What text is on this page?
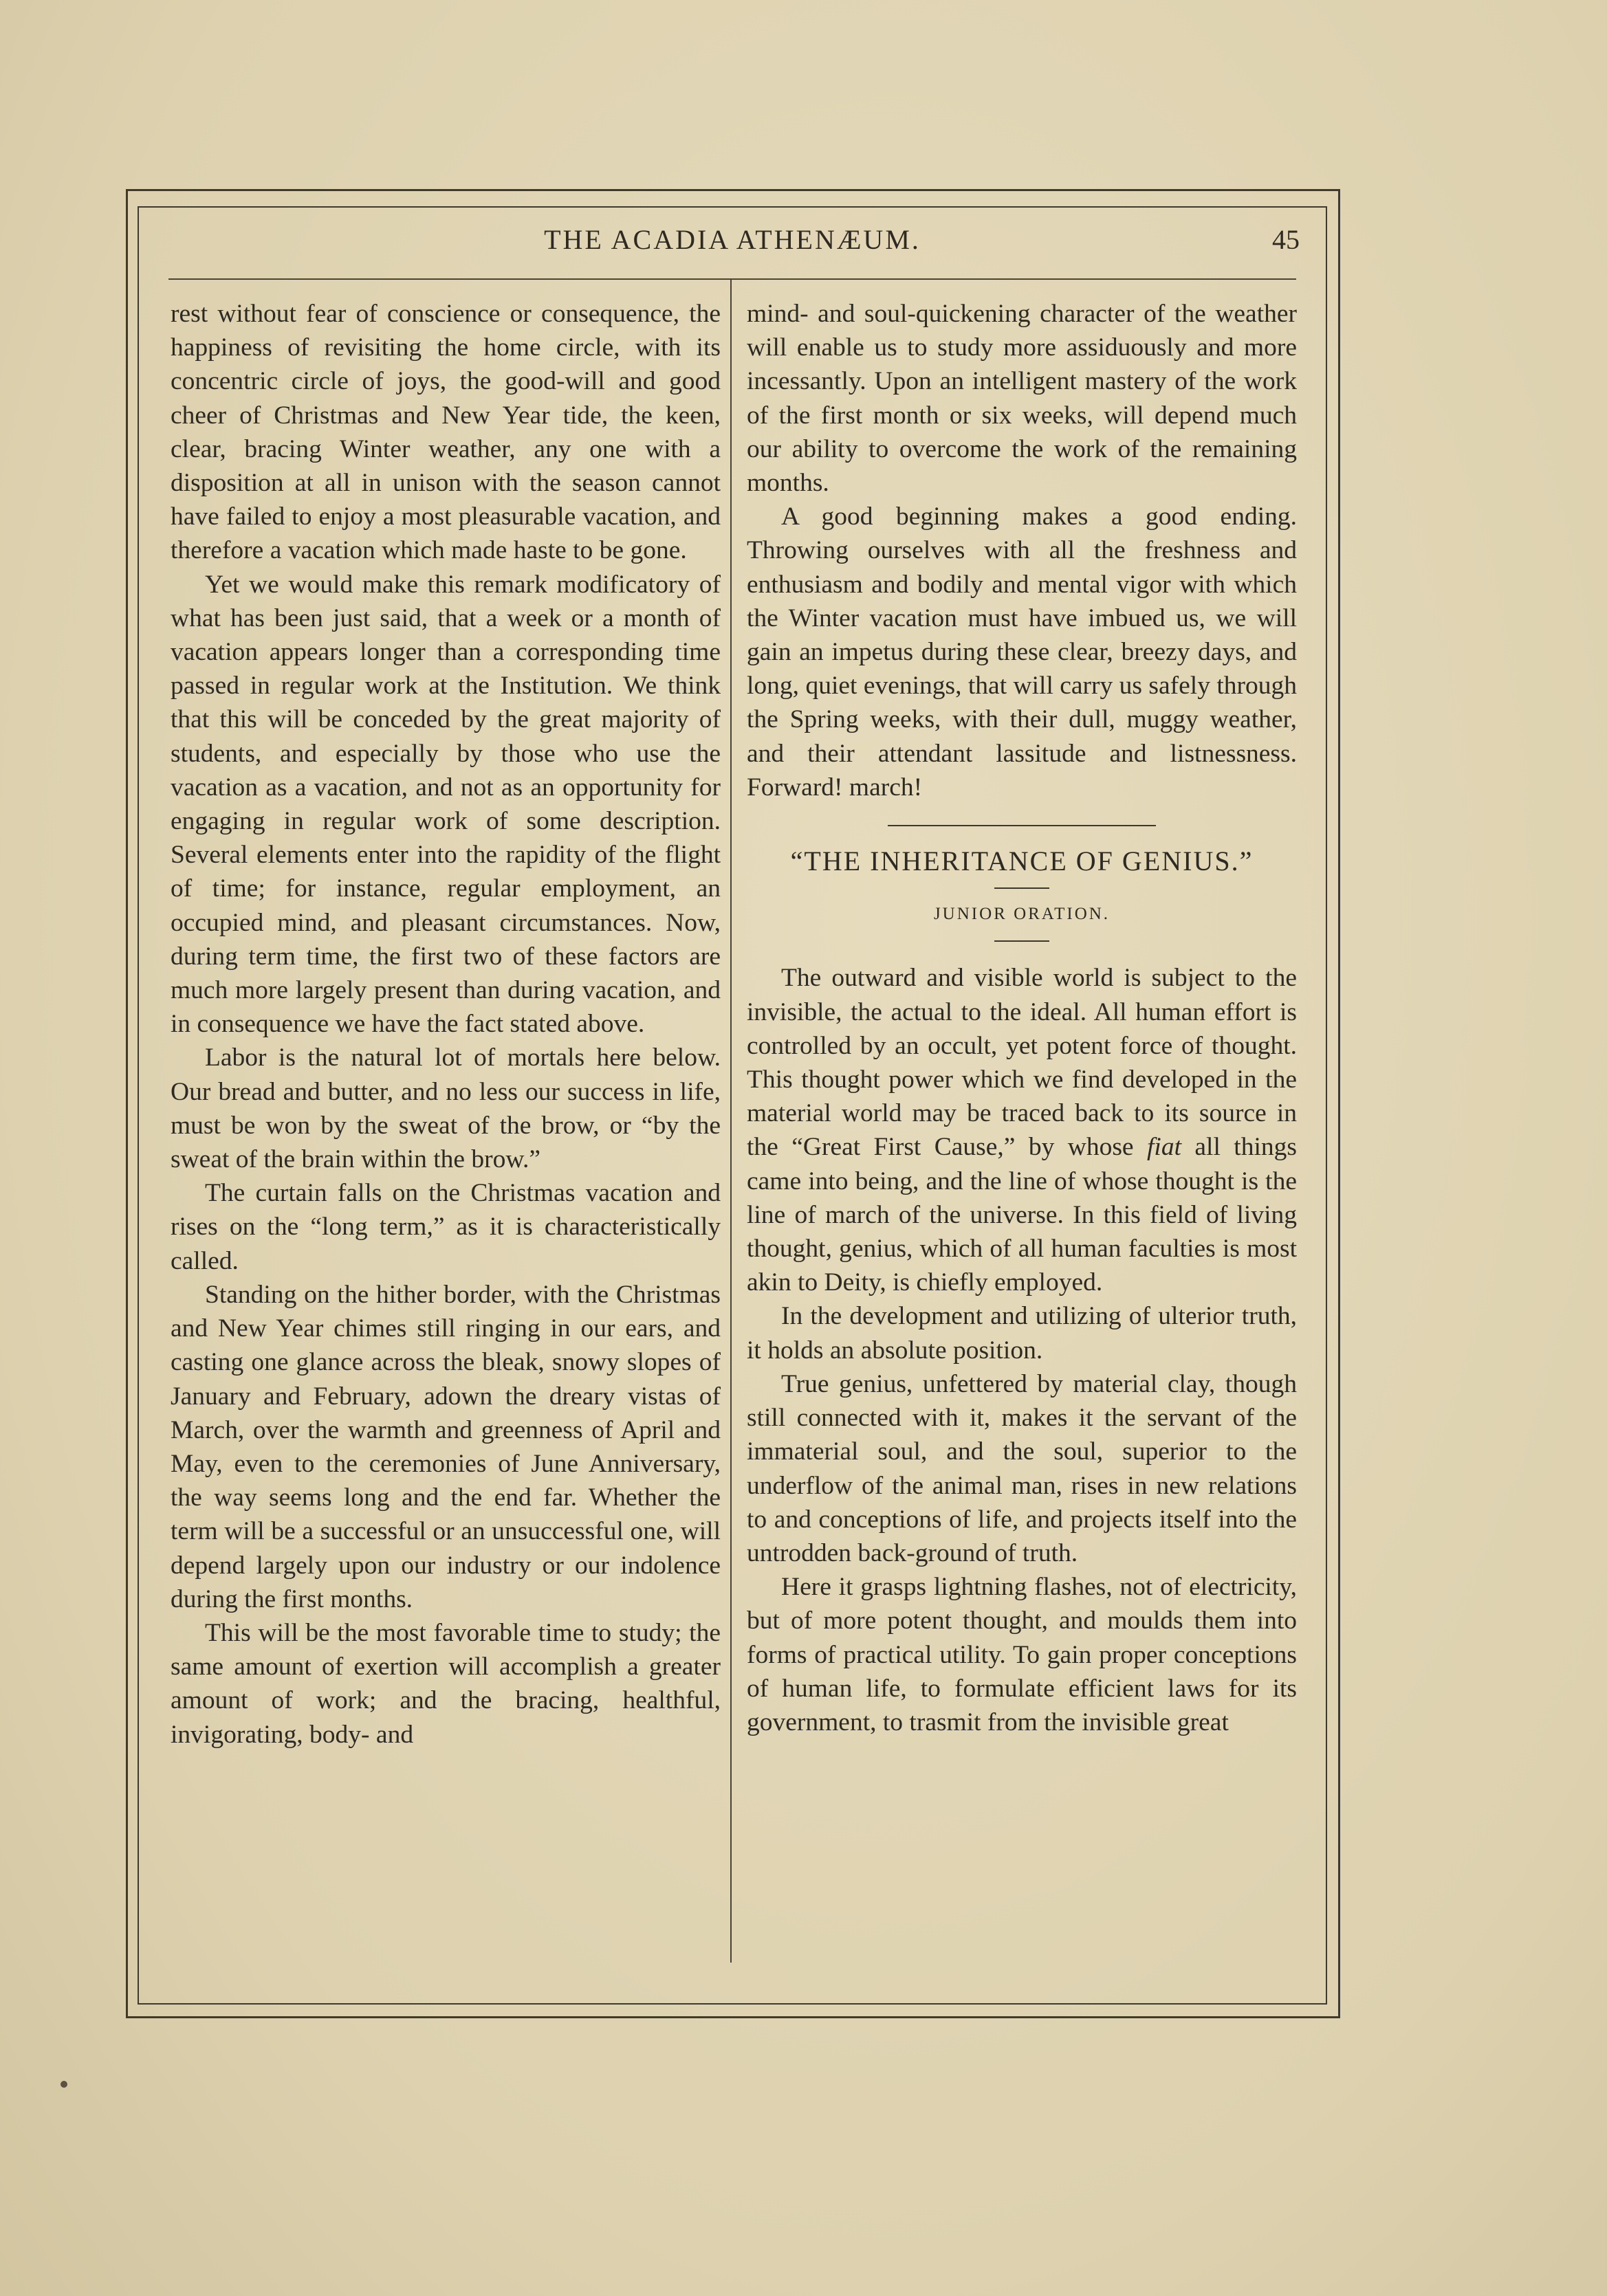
THE ACADIA ATHENÆUM.	45

rest without fear of conscience or consequence, the happiness of revisiting the home circle, with its concentric circle of joys, the good-will and good cheer of Christmas and New Year tide, the keen, clear, bracing Winter weather, any one with a disposition at all in unison with the season cannot have failed to enjoy a most pleasurable vacation, and therefore a vacation which made haste to be gone.

Yet we would make this remark modificatory of what has been just said, that a week or a month of vacation appears longer than a corresponding time passed in regular work at the Institution. We think that this will be conceded by the great majority of students, and especially by those who use the vacation as a vacation, and not as an opportunity for engaging in regular work of some description. Several elements enter into the rapidity of the flight of time; for instance, regular employment, an occupied mind, and pleasant circumstances. Now, during term time, the first two of these factors are much more largely present than during vacation, and in consequence we have the fact stated above.

Labor is the natural lot of mortals here below. Our bread and butter, and no less our success in life, must be won by the sweat of the brow, or “by the sweat of the brain within the brow.”

The curtain falls on the Christmas vacation and rises on the “long term,” as it is characteristically called.

Standing on the hither border, with the Christmas and New Year chimes still ringing in our ears, and casting one glance across the bleak, snowy slopes of January and February, adown the dreary vistas of March, over the warmth and greenness of April and May, even to the ceremonies of June Anniversary, the way seems long and the end far. Whether the term will be a successful or an unsuccessful one, will depend largely upon our industry or our indolence during the first months.

This will be the most favorable time to study; the same amount of exertion will accomplish a greater amount of work; and the bracing, healthful, invigorating, body- and

mind- and soul-quickening character of the weather will enable us to study more assiduously and more incessantly. Upon an intelligent mastery of the work of the first month or six weeks, will depend much our ability to overcome the work of the remaining months.

A good beginning makes a good ending. Throwing ourselves with all the freshness and enthusiasm and bodily and mental vigor with which the Winter vacation must have imbued us, we will gain an impetus during these clear, breezy days, and long, quiet evenings, that will carry us safely through the Spring weeks, with their dull, muggy weather, and their attendant lassitude and listnessness. Forward! march!

“THE INHERITANCE OF GENIUS.”
JUNIOR ORATION.

The outward and visible world is subject to the invisible, the actual to the ideal. All human effort is controlled by an occult, yet potent force of thought. This thought power which we find developed in the material world may be traced back to its source in the “Great First Cause,” by whose fiat all things came into being, and the line of whose thought is the line of march of the universe. In this field of living thought, genius, which of all human faculties is most akin to Deity, is chiefly employed.

In the development and utilizing of ulterior truth, it holds an absolute position.

True genius, unfettered by material clay, though still connected with it, makes it the servant of the immaterial soul, and the soul, superior to the underflow of the animal man, rises in new relations to and conceptions of life, and projects itself into the untrodden back-ground of truth.

Here it grasps lightning flashes, not of electricity, but of more potent thought, and moulds them into forms of practical utility. To gain proper conceptions of human life, to formulate efficient laws for its government, to trasmit from the invisible great
